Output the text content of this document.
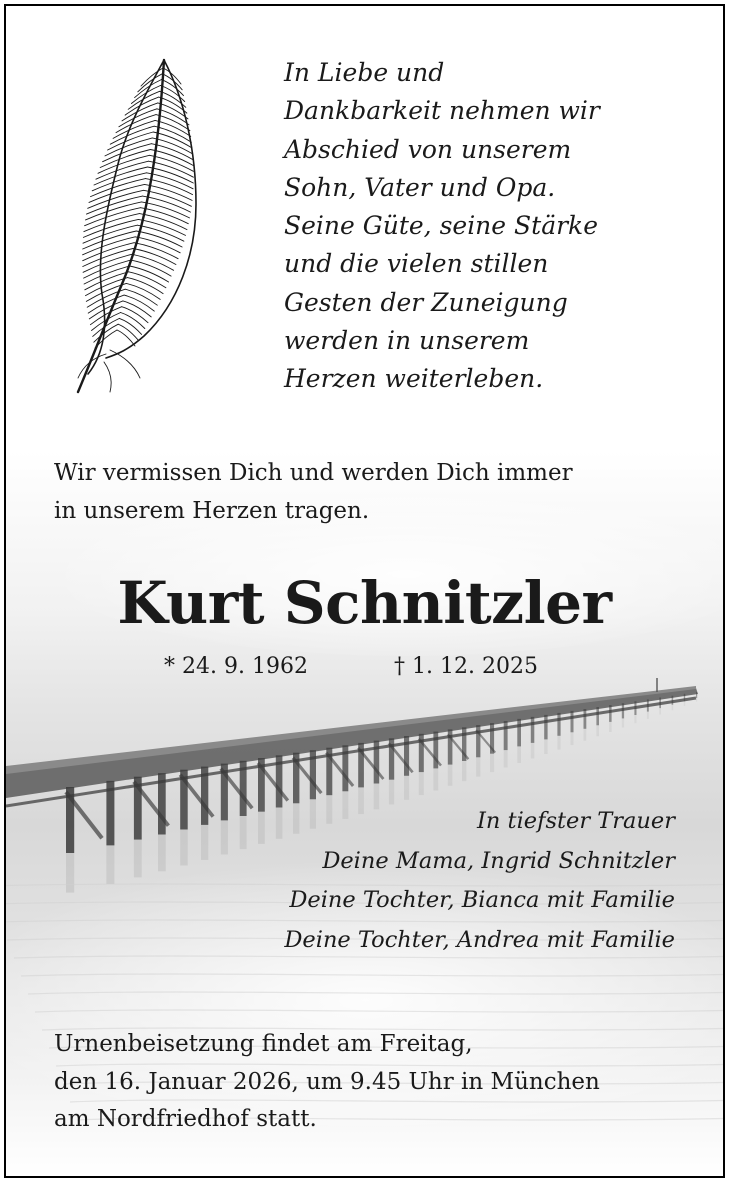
In Liebe und
Dankbarkeit nehmen wir
Abschied von unserem
Sohn, Vater und Opa.
Seine Güte, seine Stärke
und die vielen stillen
Gesten der Zuneigung
werden in unserem
Herzen weiterleben.
Wir vermissen Dich und werden Dich immer
in unserem Herzen tragen.
Kurt Schnitzler
* 24. 9. 1962	† 1. 12. 2025
In tiefster Trauer
Deine Mama, Ingrid Schnitzler
Deine Tochter, Bianca mit Familie
Deine Tochter, Andrea mit Familie
Urnenbeisetzung findet am Freitag,
den 16. Januar 2026, um 9.45 Uhr in München
am Nordfriedhof statt.
